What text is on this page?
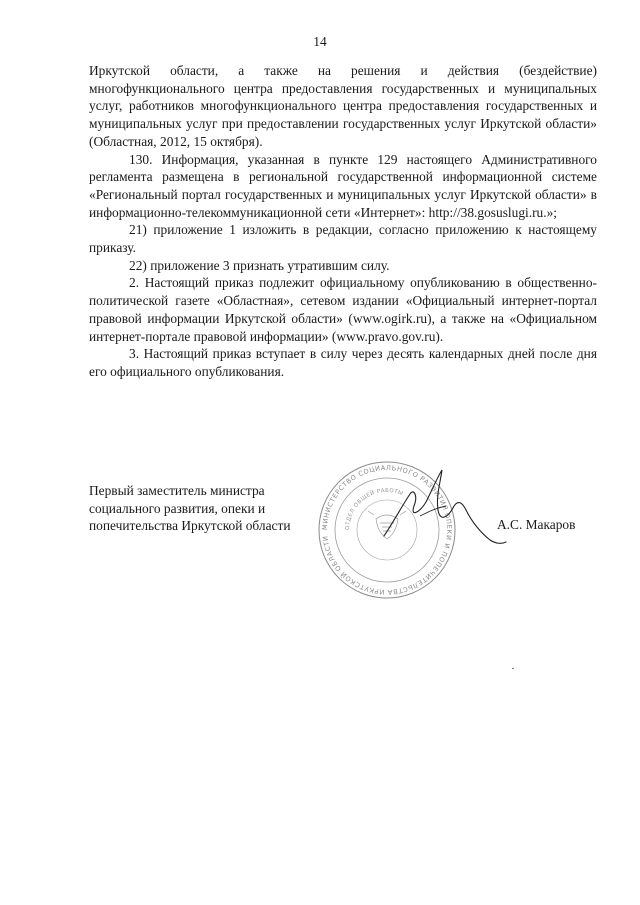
14

Иркутской области, а также на решения и действия (бездействие) многофункционального центра предоставления государственных и муниципальных услуг, работников многофункционального центра предоставления государственных и муниципальных услуг при предоставлении государственных услуг Иркутской области» (Областная, 2012, 15 октября).

130. Информация, указанная в пункте 129 настоящего Административного регламента размещена в региональной государственной информационной системе «Региональный портал государственных и муниципальных услуг Иркутской области» в информационно-телекоммуникационной сети «Интернет»: http://38.gosuslugi.ru.»;

21) приложение 1 изложить в редакции, согласно приложению к настоящему приказу.

22) приложение 3 признать утратившим силу.

2. Настоящий приказ подлежит официальному опубликованию в общественно-политической газете «Областная», сетевом издании «Официальный интернет-портал правовой информации Иркутской области» (www.ogirk.ru), а также на «Официальном интернет-портале правовой информации» (www.pravo.gov.ru).

3. Настоящий приказ вступает в силу через десять календарных дней после дня его официального опубликования.

Первый заместитель министра
социального развития, опеки и
попечительства Иркутской области	МИНИСТЕРСТВО СОЦИАЛЬНОГО РАЗВИТИЯ ОПЕКИ И ПОПЕЧИТЕЛЬСТВА ИРКУТСКОЙ ОБЛАСТИ
ОТДЕЛ ОБЩЕЙ РАБОТЫ
А.С. Макаров
